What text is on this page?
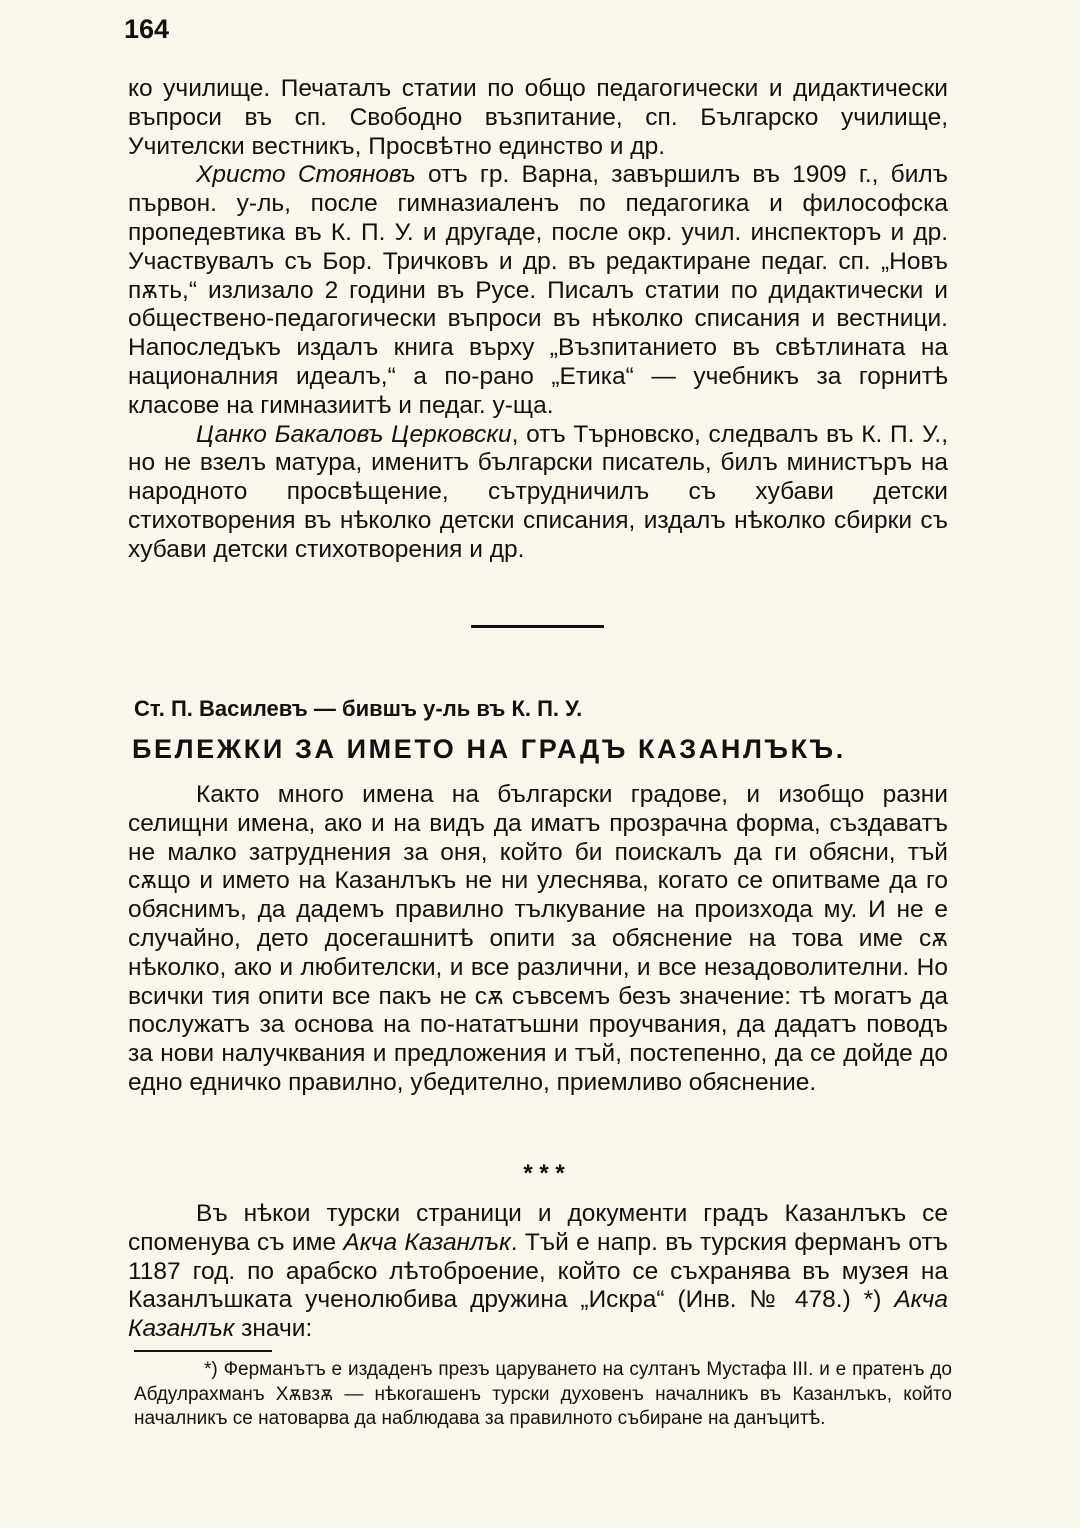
164

ко училище. Печаталъ статии по общо педагогически и дидактически въпроси въ сп. Свободно възпитание, сп. Българско училище, Учителски вестникъ, Просвѣтно единство и др.

Христо Стояновъ отъ гр. Варна, завършилъ въ 1909 г., билъ първон. у-ль, после гимназиаленъ по педагогика и философска пропедевтика въ К. П. У. и другаде, после окр. учил. инспекторъ и др. Участвувалъ съ Бор. Тричковъ и др. въ редактиране педаг. сп. „Новъ пѫть,“ излизало 2 години въ Русе. Писалъ статии по дидактически и обществено-педагогически въпроси въ нѣколко списания и вестници. Напоследъкъ издалъ книга върху „Възпитанието въ свѣтлината на националния идеалъ,“ а по-рано „Етика“ — учебникъ за горнитѣ класове на гимназиитѣ и педаг. у-ща.

Цанко Бакаловъ Церковски, отъ Търновско, следвалъ въ К. П. У., но не взелъ матура, именитъ български писатель, билъ министъръ на народното просвѣщение, сътрудничилъ съ хубави детски стихотворения въ нѣколко детски списания, издалъ нѣколко сбирки съ хубави детски стихотворения и др.

Ст. П. Василевъ — бившъ у-ль въ К. П. У.
БЕЛЕЖКИ ЗА ИМЕТО НА ГРАДЪ КАЗАНЛЪКЪ.

Както много имена на български градове, и изобщо разни селищни имена, ако и на видъ да иматъ прозрачна форма, създаватъ не малко затруднения за оня, който би поискалъ да ги обясни, тъй сѫщо и името на Казанлъкъ не ни улеснява, когато се опитваме да го обяснимъ, да дадемъ правилно тълкувание на произхода му. И не е случайно, дето досегашнитѣ опити за обяснение на това име сѫ нѣколко, ако и любителски, и все различни, и все незадоволителни. Но всички тия опити все пакъ не сѫ съвсемъ безъ значение: тѣ могатъ да послужатъ за основа на по-нататъшни проучвания, да дадатъ поводъ за нови налучквания и предложения и тъй, постепенно, да се дойде до едно едничко правилно, убедително, приемливо обяснение.

* * *

Въ нѣкои турски страници и документи градъ Казанлъкъ се споменува съ име Акча Казанлък. Тъй е напр. въ турския ферманъ отъ 1187 год. по арабско лѣтоброение, който се съхранява въ музея на Казанлъшката ученолюбива дружина „Искра“ (Инв. № 478.) *) Акча Казанлък значи:

*) Ферманътъ е издаденъ презъ царуването на султанъ Мустафа III. и е пратенъ до Абдулрахманъ Хѫвзѫ — нѣкогашенъ турски духовенъ началникъ въ Казанлъкъ, който началникъ се натоварва да наблюдава за правилното събиране на данъцитѣ.
